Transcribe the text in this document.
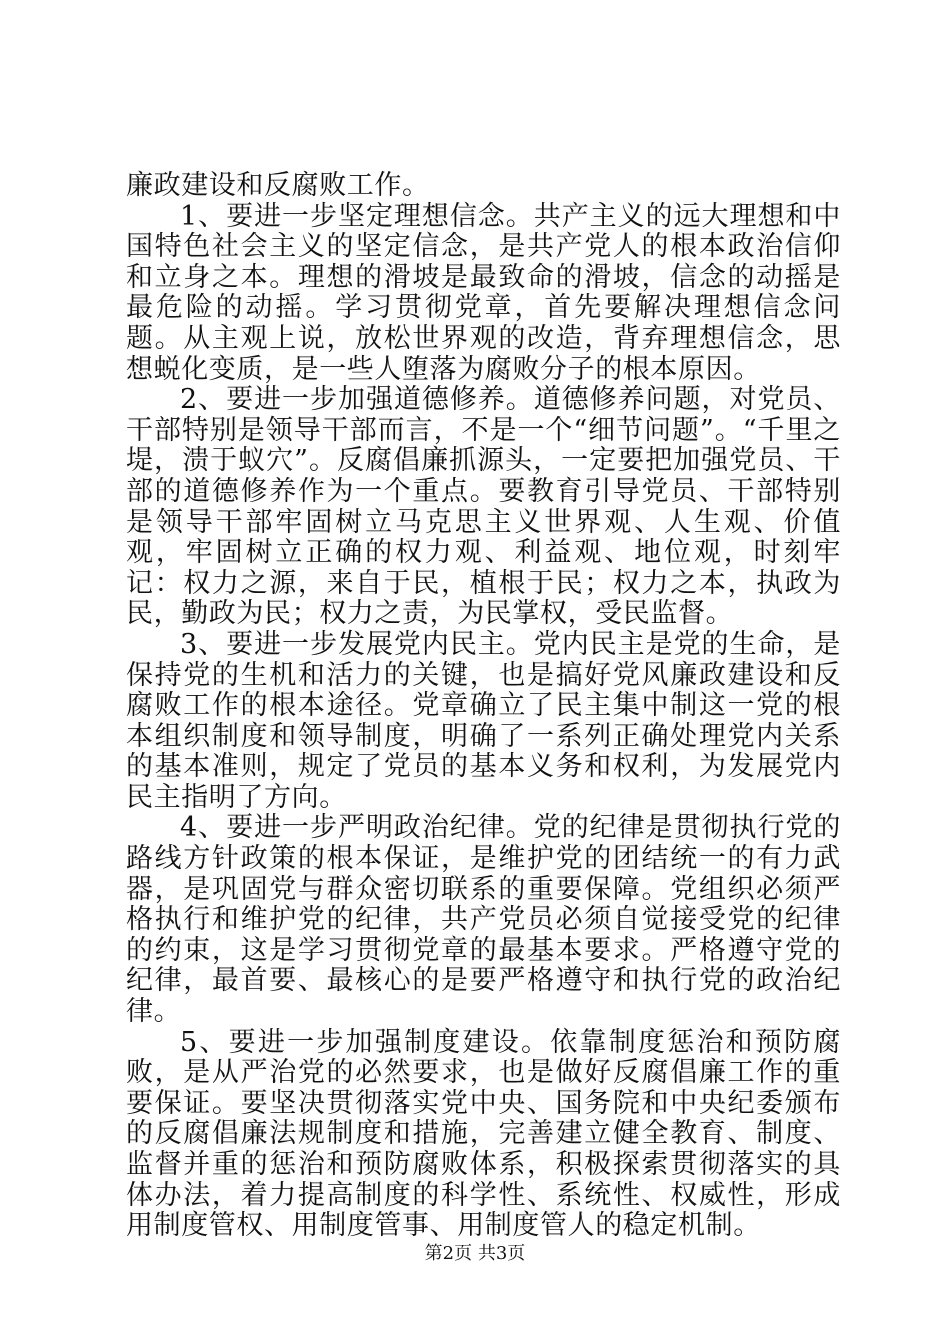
廉政建设和反腐败工作。

1、要进一步坚定理想信念。共产主义的远大理想和中国特色社会主义的坚定信念，是共产党人的根本政治信仰和立身之本。理想的滑坡是最致命的滑坡，信念的动摇是最危险的动摇。学习贯彻党章，首先要解决理想信念问题。从主观上说，放松世界观的改造，背弃理想信念，思想蜕化变质，是一些人堕落为腐败分子的根本原因。

2、要进一步加强道德修养。道德修养问题，对党员、干部特别是领导干部而言，不是一个“细节问题”。“千里之堤，溃于蚁穴”。反腐倡廉抓源头，一定要把加强党员、干部的道德修养作为一个重点。要教育引导党员、干部特别是领导干部牢固树立马克思主义世界观、人生观、价值观，牢固树立正确的权力观、利益观、地位观，时刻牢记：权力之源，来自于民，植根于民；权力之本，执政为民，勤政为民；权力之责，为民掌权，受民监督。

3、要进一步发展党内民主。党内民主是党的生命，是保持党的生机和活力的关键，也是搞好党风廉政建设和反腐败工作的根本途径。党章确立了民主集中制这一党的根本组织制度和领导制度，明确了一系列正确处理党内关系的基本准则，规定了党员的基本义务和权利，为发展党内民主指明了方向。

4、要进一步严明政治纪律。党的纪律是贯彻执行党的路线方针政策的根本保证，是维护党的团结统一的有力武器，是巩固党与群众密切联系的重要保障。党组织必须严格执行和维护党的纪律，共产党员必须自觉接受党的纪律的约束，这是学习贯彻党章的最基本要求。严格遵守党的纪律，最首要、最核心的是要严格遵守和执行党的政治纪律。

5、要进一步加强制度建设。依靠制度惩治和预防腐败，是从严治党的必然要求，也是做好反腐倡廉工作的重要保证。要坚决贯彻落实党中央、国务院和中央纪委颁布的反腐倡廉法规制度和措施，完善建立健全教育、制度、监督并重的惩治和预防腐败体系，积极探索贯彻落实的具体办法，着力提高制度的科学性、系统性、权威性，形成用制度管权、用制度管事、用制度管人的稳定机制。

第2页 共3页
